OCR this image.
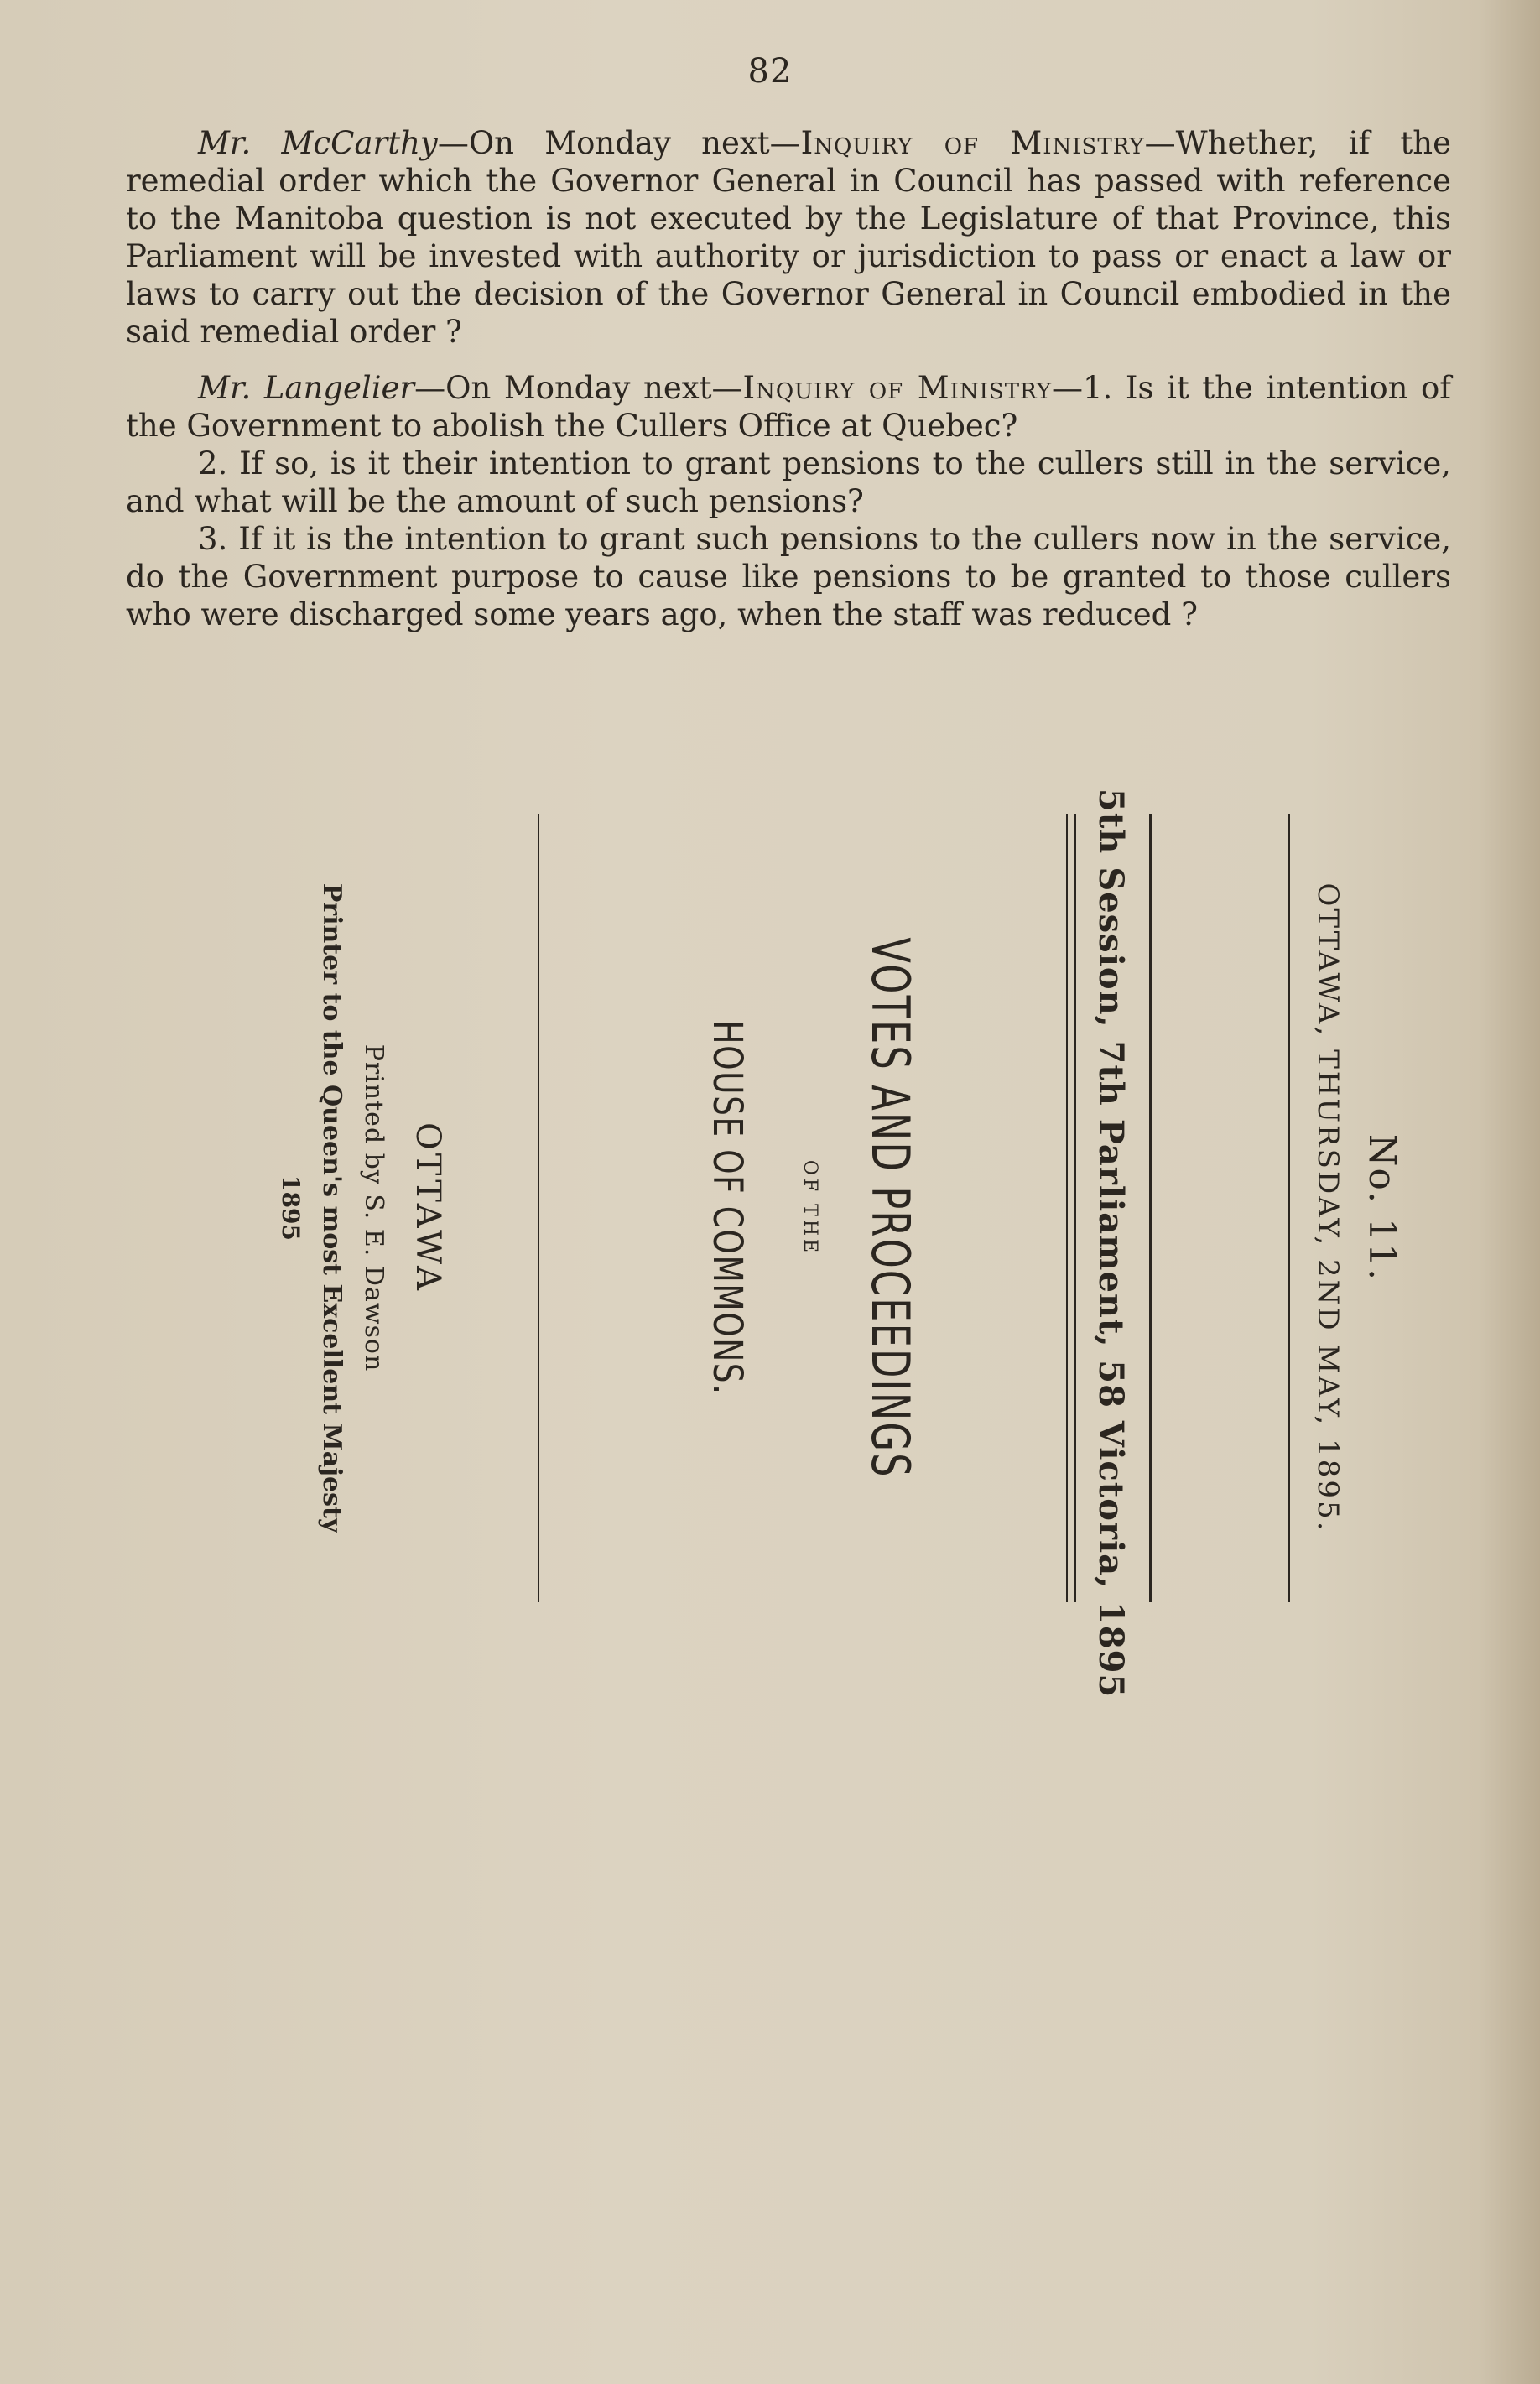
82

Mr. McCarthy—On Monday next—Inquiry of Ministry—Whether, if the remedial order which the Governor General in Council has passed with reference to the Manitoba question is not executed by the Legislature of that Province, this Parliament will be invested with authority or jurisdiction to pass or enact a law or laws to carry out the decision of the Governor General in Council embodied in the said remedial order ?

Mr. Langelier—On Monday next—Inquiry of Ministry—1. Is it the intention of the Government to abolish the Cullers Office at Quebec?

2. If so, is it their intention to grant pensions to the cullers still in the service, and what will be the amount of such pensions?

3. If it is the intention to grant such pensions to the cullers now in the service, do the Government purpose to cause like pensions to be granted to those cullers who were discharged some years ago, when the staff was reduced ?

No. 11.
OTTAWA, THURSDAY, 2ND MAY, 1895.
5th Session, 7th Parliament, 58 Victoria, 1895
VOTES AND PROCEEDINGS
OF THE
HOUSE OF COMMONS.
OTTAWA
Printed by S. E. Dawson
Printer to the Queen's most Excellent Majesty
1895
